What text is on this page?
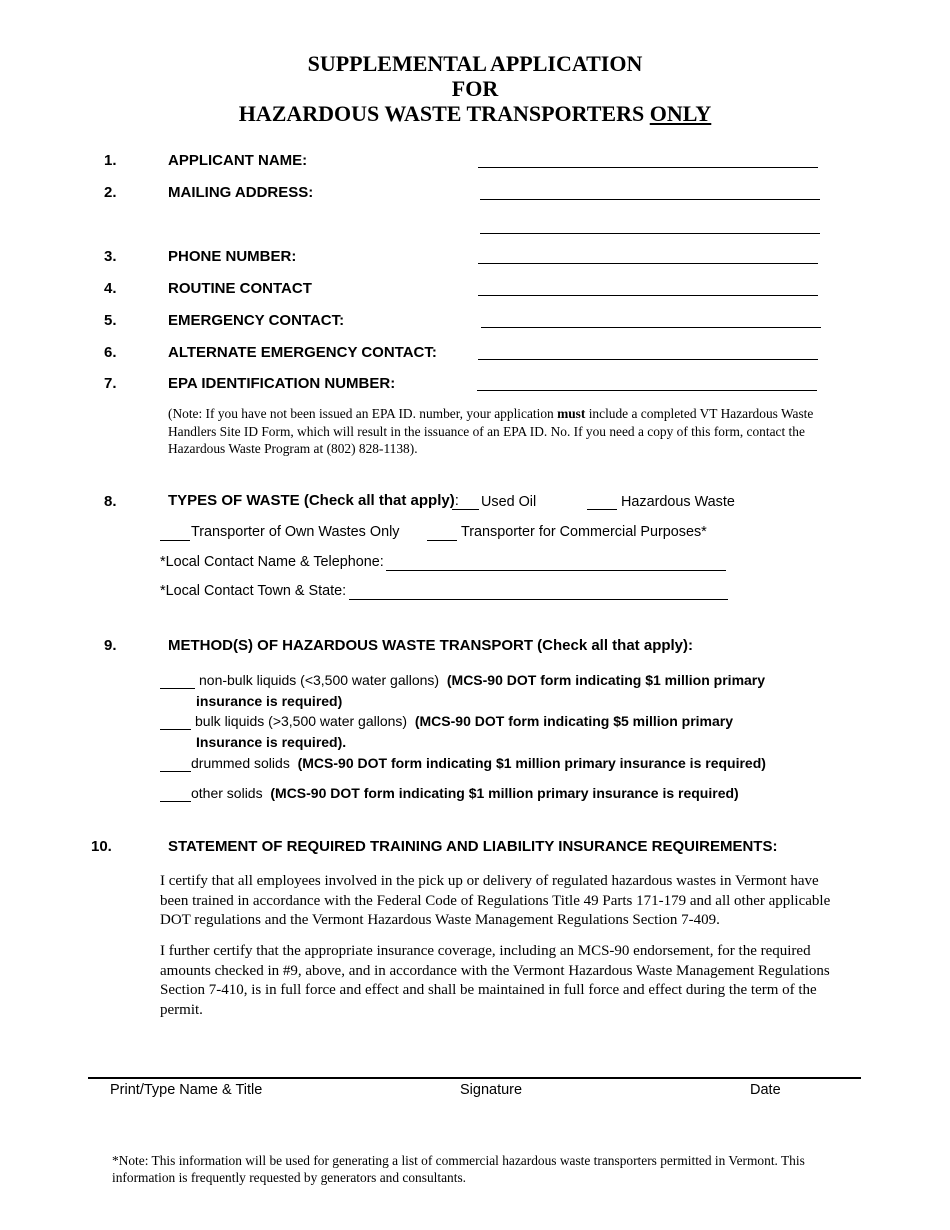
SUPPLEMENTAL APPLICATION
FOR
HAZARDOUS WASTE TRANSPORTERS ONLY
1.	APPLICANT NAME:
2.	MAILING ADDRESS:
3.	PHONE NUMBER:
4.	ROUTINE CONTACT
5.	EMERGENCY CONTACT:
6.	ALTERNATE EMERGENCY CONTACT:
7.	EPA IDENTIFICATION NUMBER:
(Note: If you have not been issued an EPA ID. number, your application must include a completed VT Hazardous Waste Handlers Site ID Form, which will result in the issuance of an EPA ID. No. If you need a copy of this form, contact the Hazardous Waste Program at (802) 828-1138).
8.	TYPES OF WASTE (Check all that apply): Used Oil	Hazardous Waste
Transporter of Own Wastes Only	Transporter for Commercial Purposes*
*Local Contact Name & Telephone:
*Local Contact Town & State:
9.	METHOD(S) OF HAZARDOUS WASTE TRANSPORT (Check all that apply):
non-bulk liquids (<3,500 water gallons) (MCS-90 DOT form indicating $1 million primary
insurance is required)
bulk liquids (>3,500 water gallons) (MCS-90 DOT form indicating $5 million primary
Insurance is required).
drummed solids (MCS-90 DOT form indicating $1 million primary insurance is required)
other solids (MCS-90 DOT form indicating $1 million primary insurance is required)
10.	STATEMENT OF REQUIRED TRAINING AND LIABILITY INSURANCE REQUIREMENTS:
I certify that all employees involved in the pick up or delivery of regulated hazardous wastes in Vermont have been trained in accordance with the Federal Code of Regulations Title 49 Parts 171-179 and all other applicable DOT regulations and the Vermont Hazardous Waste Management Regulations Section 7-409.
I further certify that the appropriate insurance coverage, including an MCS-90 endorsement, for the required amounts checked in #9, above, and in accordance with the Vermont Hazardous Waste Management Regulations Section 7-410, is in full force and effect and shall be maintained in full force and effect during the term of the permit.
Print/Type Name & Title	Signature	Date
*Note: This information will be used for generating a list of commercial hazardous waste transporters permitted in Vermont. This information is frequently requested by generators and consultants.
